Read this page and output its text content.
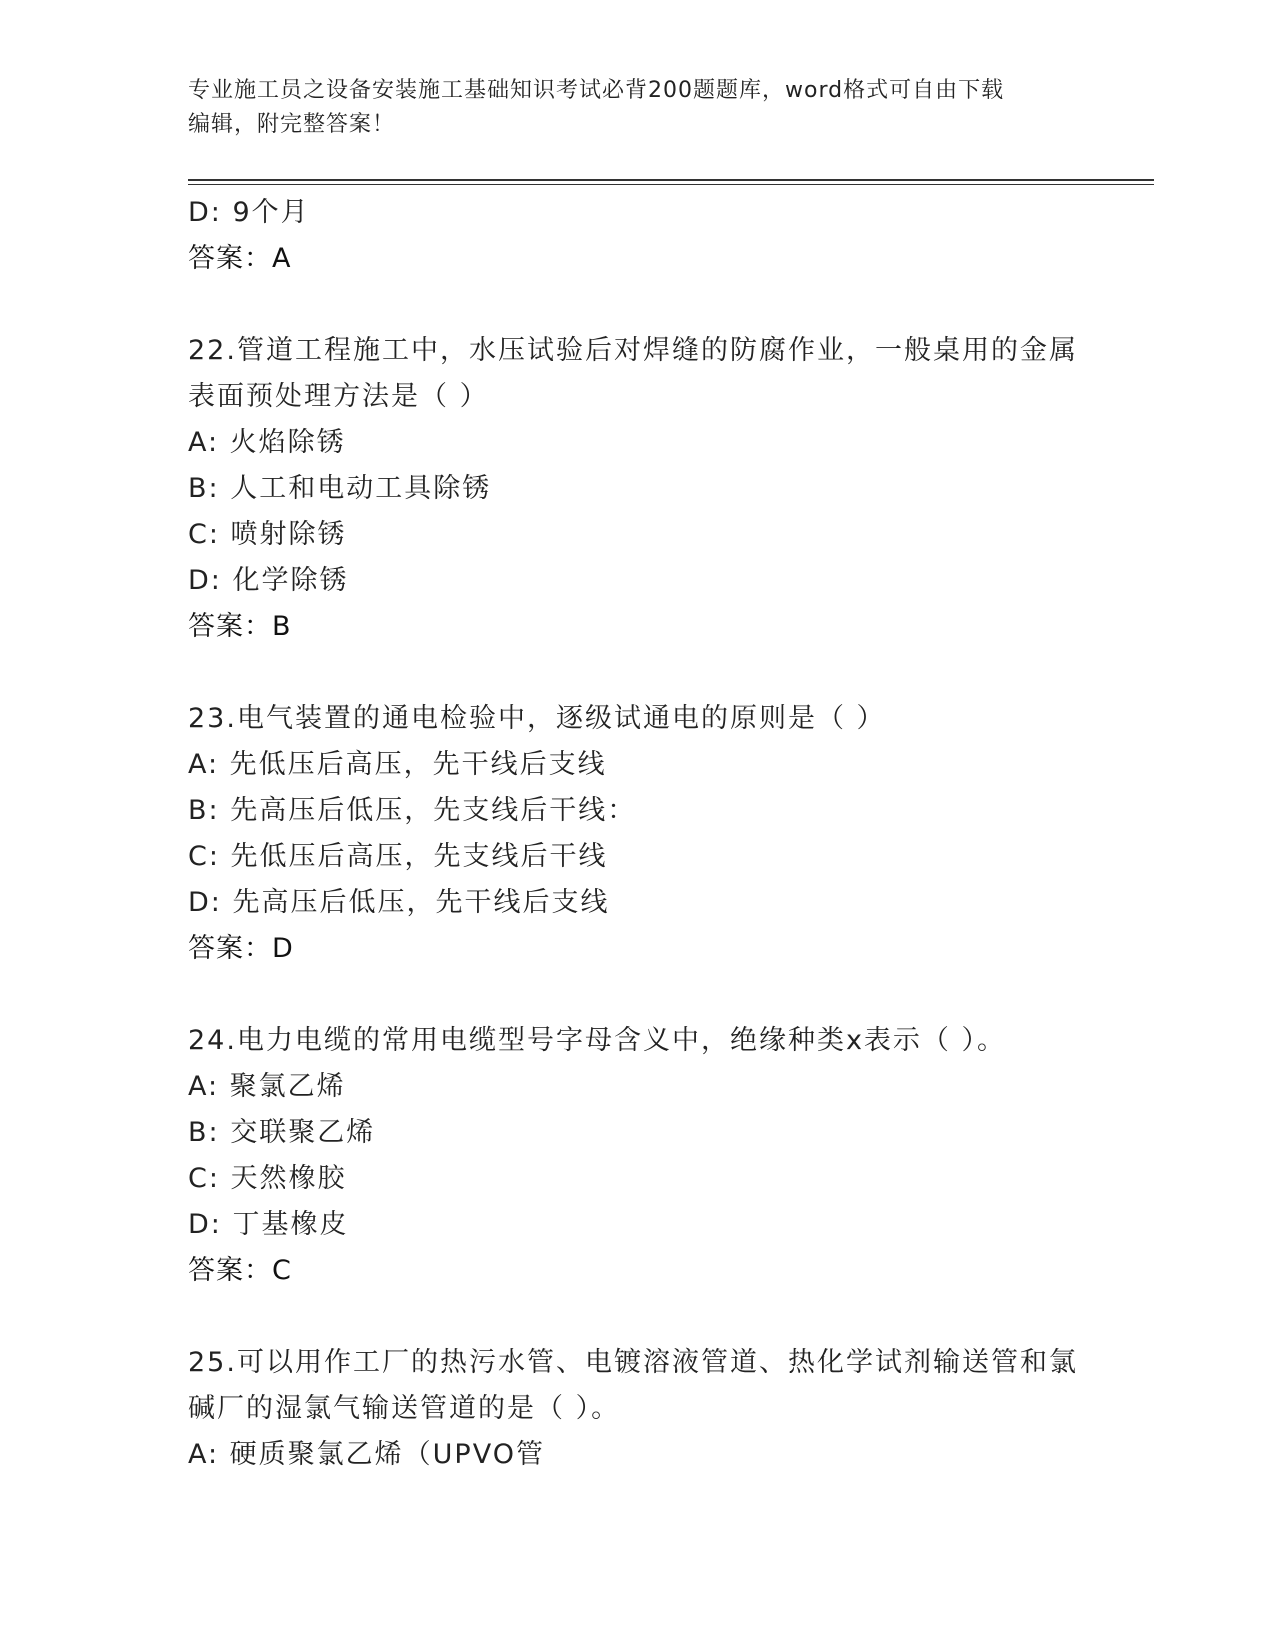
专业施工员之设备安装施工基础知识考试必背200题题库，word格式可自由下载
编辑，附完整答案！
D: 9个月
答案：A
22.管道工程施工中，水压试验后对焊缝的防腐作业，一般桌用的金属
表面预处理方法是（ ）
A: 火焰除锈
B: 人工和电动工具除锈
C: 喷射除锈
D: 化学除锈
答案：B
23.电气装置的通电检验中，逐级试通电的原则是（ ）
A: 先低压后高压，先干线后支线
B: 先高压后低压，先支线后干线：
C: 先低压后高压，先支线后干线
D: 先高压后低压，先干线后支线
答案：D
24.电力电缆的常用电缆型号字母含义中，绝缘种类x表示（ ）。
A: 聚氯乙烯
B: 交联聚乙烯
C: 天然橡胶
D: 丁基橡皮
答案：C
25.可以用作工厂的热污水管、电镀溶液管道、热化学试剂输送管和氯
碱厂的湿氯气输送管道的是（ ）。
A: 硬质聚氯乙烯（UPVO管
